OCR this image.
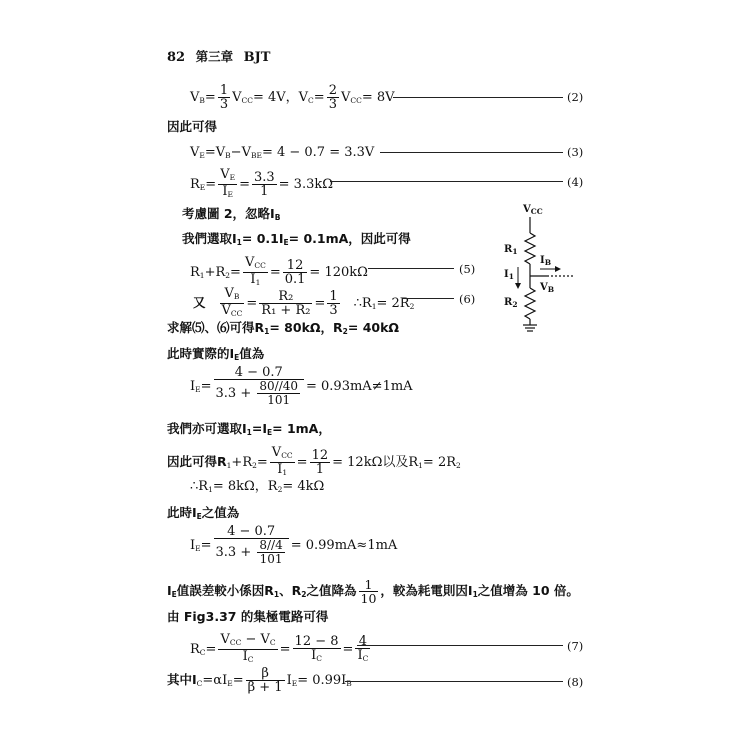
82 第三章 BJT
$V_B= \frac{1}{3} V_{CC}= 4V$，$V_C= \frac{2}{3} V_{CC}= 8V$	(2)
因此可得
$V_E=V_B-V_{BE}= 4 - 0.7 = 3.3V$	(3)
$R_E= \frac{V_E}{I_E} = \frac{3.3}{1} = 3.3k\Omega$	(4)
考慮圖 2，忽略$I_B$
我們選取$I_1= 0.1I_E= 0.1mA$，因此可得
$R_1+R_2= \frac{V_{CC}}{I_1} = \frac{12}{0.1} = 120k\Omega$	(5)
又 $\frac{V_B}{V_{CC}} = \frac{\text{R₂}}{\text{R₁ + R₂}} = \frac{1}{3}$ $\therefore R_1= 2R_2$
(6)
求解⑸、⑹可得$R_1= 80k\Omega$，$R_2= 40k\Omega$
此時實際的$I_E$值為
$I_E= \frac{4 - 0.7}{3.3 + \frac{80//40}{101}} = 0.93mA\ne 1mA$
我們亦可選取$I_1=I_E= 1mA$，
因此可得$R_1+R_2= \frac{V_{CC}}{I_1} = \frac{12}{1} = 12k\Omega$以及$R_1= 2R_2$
$\therefore R_1= 8k\Omega$，$R_2= 4k\Omega$
此時$I_E$之值為
$I_E= \frac{4 - 0.7}{3.3 + \frac{8//4}{101}} = 0.99mA\approx 1mA$
$I_E$值誤差較小係因$R_1$、$R_2$之值降為 $\frac{1}{10}$ ，較為耗電則因$I_1$之值增為 10 倍。
由 Fig3.37 的集極電路可得
$R_C= \frac{V_{CC} - V_C}{I_C} = \frac{12 - 8}{I_C} = \frac{4}{I_C}$	(7)
其中$I_C=\alpha I_E= \frac{\beta}{\beta + 1} I_E= 0.99I_B$	(8)
$V_{CC}$
$R_1$
$I_1$
$R_2$
$I_B$
$V_B$
